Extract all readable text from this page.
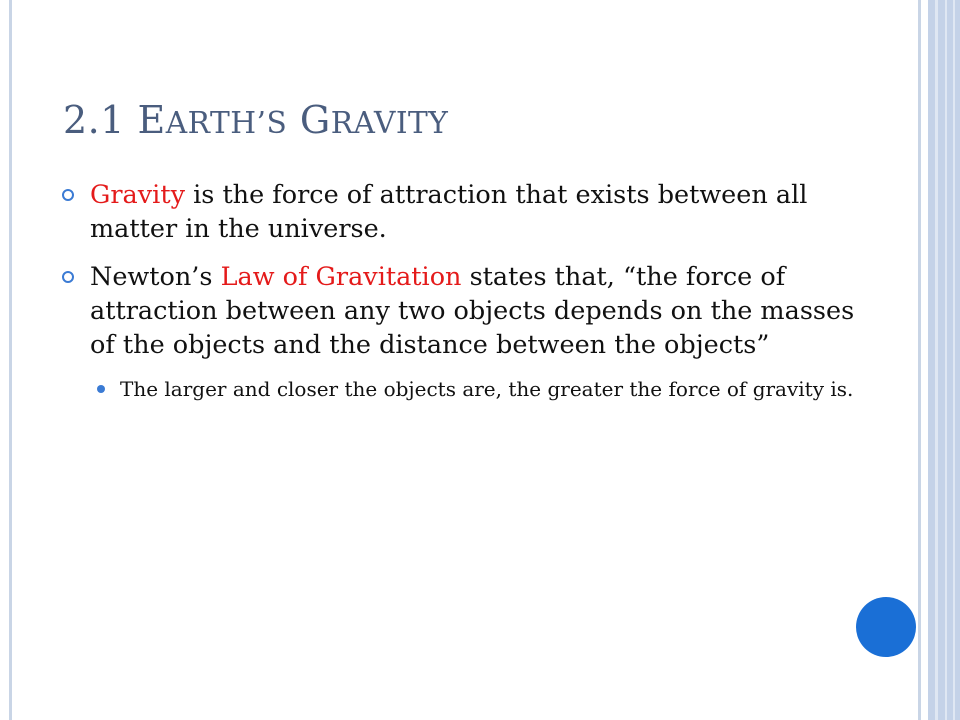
2.1 EARTH’S GRAVITY
Gravity is the force of attraction that exists between all matter in the universe.
Newton’s Law of Gravitation states that, “the force of attraction between any two objects depends on the masses of the objects and the distance between the objects”
The larger and closer the objects are, the greater the force of gravity is.
